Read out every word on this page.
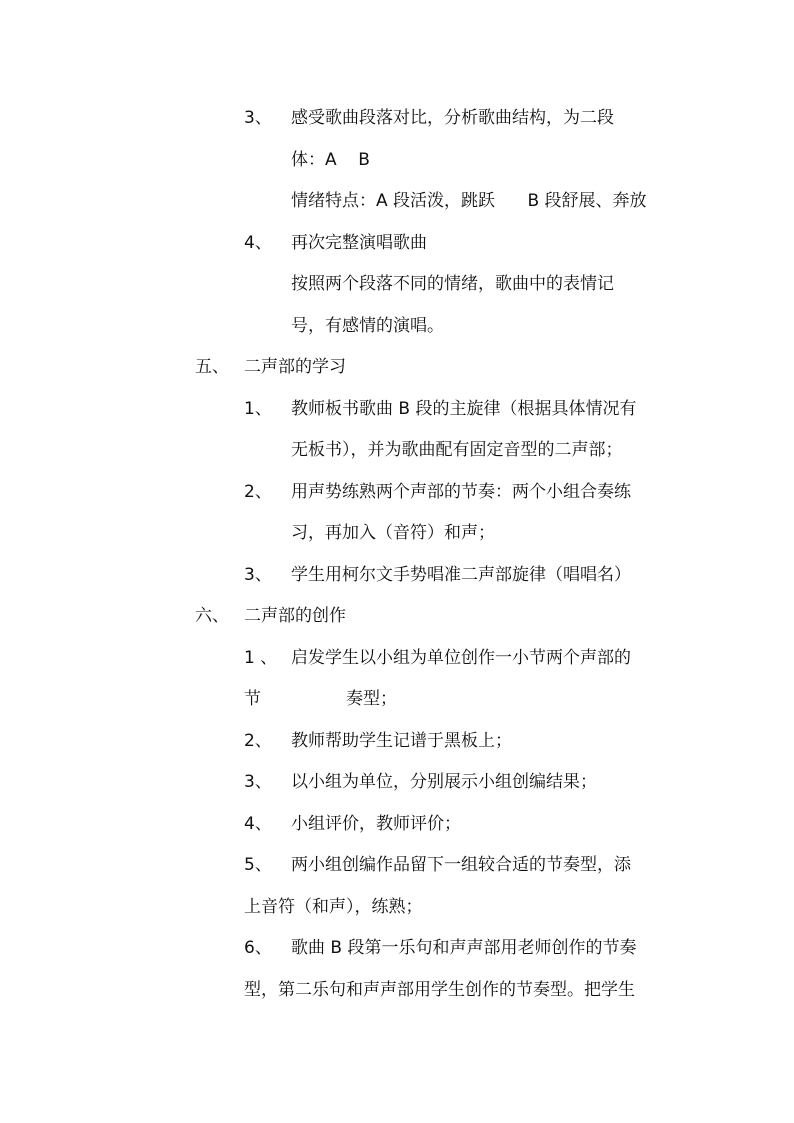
3、 感受歌曲段落对比，分析歌曲结构，为二段
体：A    B
情绪特点：A 段活泼，跳跃      B 段舒展、奔放
4、 再次完整演唱歌曲
按照两个段落不同的情绪，歌曲中的表情记
号，有感情的演唱。
五、 二声部的学习
1、 教师板书歌曲 B 段的主旋律（根据具体情况有
无板书），并为歌曲配有固定音型的二声部；
2、 用声势练熟两个声部的节奏：两个小组合奏练
习，再加入（音符）和声；
3、 学生用柯尔文手势唱准二声部旋律（唱唱名）
六、 二声部的创作
1 、 启发学生以小组为单位创作一小节两个声部的
节	奏型；
2、 教师帮助学生记谱于黑板上；
3、 以小组为单位，分别展示小组创编结果；
4、 小组评价，教师评价；
5、 两小组创编作品留下一组较合适的节奏型，添
上音符（和声），练熟；
6、 歌曲 B 段第一乐句和声声部用老师创作的节奏
型，第二乐句和声声部用学生创作的节奏型。把学生
